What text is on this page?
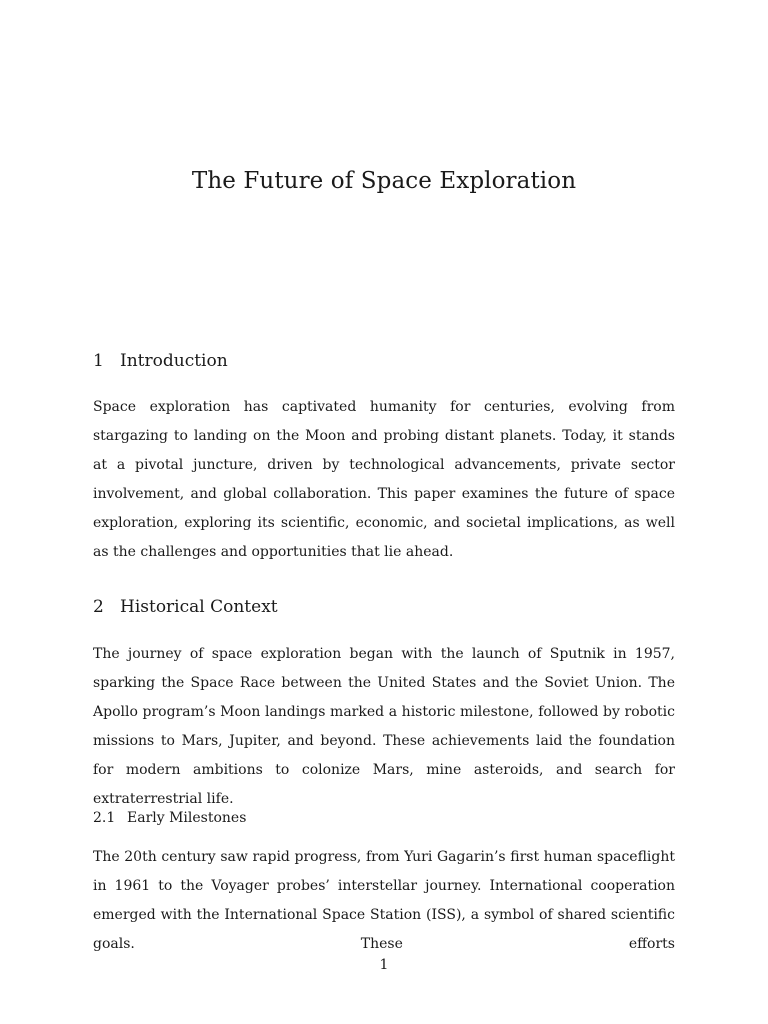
The Future of Space Exploration
1 Introduction

Space exploration has captivated humanity for centuries, evolving from stargazing to landing on the Moon and probing distant planets. Today, it stands at a pivotal juncture, driven by technological advancements, private sector involvement, and global collaboration. This paper examines the future of space exploration, exploring its scientific, economic, and societal implications, as well as the challenges and opportunities that lie ahead.

2 Historical Context

The journey of space exploration began with the launch of Sputnik in 1957, sparking the Space Race between the United States and the Soviet Union. The Apollo program’s Moon landings marked a historic milestone, followed by robotic missions to Mars, Jupiter, and beyond. These achievements laid the foundation for modern ambitions to colonize Mars, mine asteroids, and search for extraterrestrial life.

2.1 Early Milestones

The 20th century saw rapid progress, from Yuri Gagarin’s first human spaceflight in 1961 to the Voyager probes’ interstellar journey. International cooperation emerged with the International Space Station (ISS), a symbol of shared scientific goals. These efforts

1
